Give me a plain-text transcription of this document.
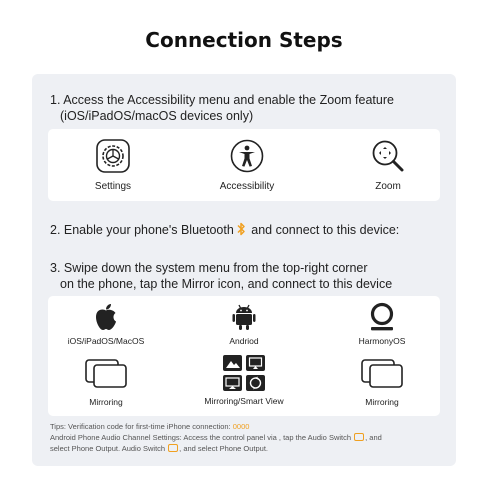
Connection Steps
1. Access the Accessibility menu and enable the Zoom feature
(iOS/iPadOS/macOS devices only)
Settings	Accessibility	Zoom
2. Enable your phone's Bluetooth and connect to this device:
3. Swipe down the system menu from the top-right corner
on the phone, tap the Mirror icon, and connect to this device
iOS/iPadOS/MacOS
Mirroring
Andriod
Mirroring/Smart View
HarmonyOS
Mirroring
Tips: Verification code for first-time iPhone connection: 0000
Android Phone Audio Channel Settings: Access the control panel via , tap the Audio Switch , and
select Phone Output. Audio Switch , and select Phone Output.
